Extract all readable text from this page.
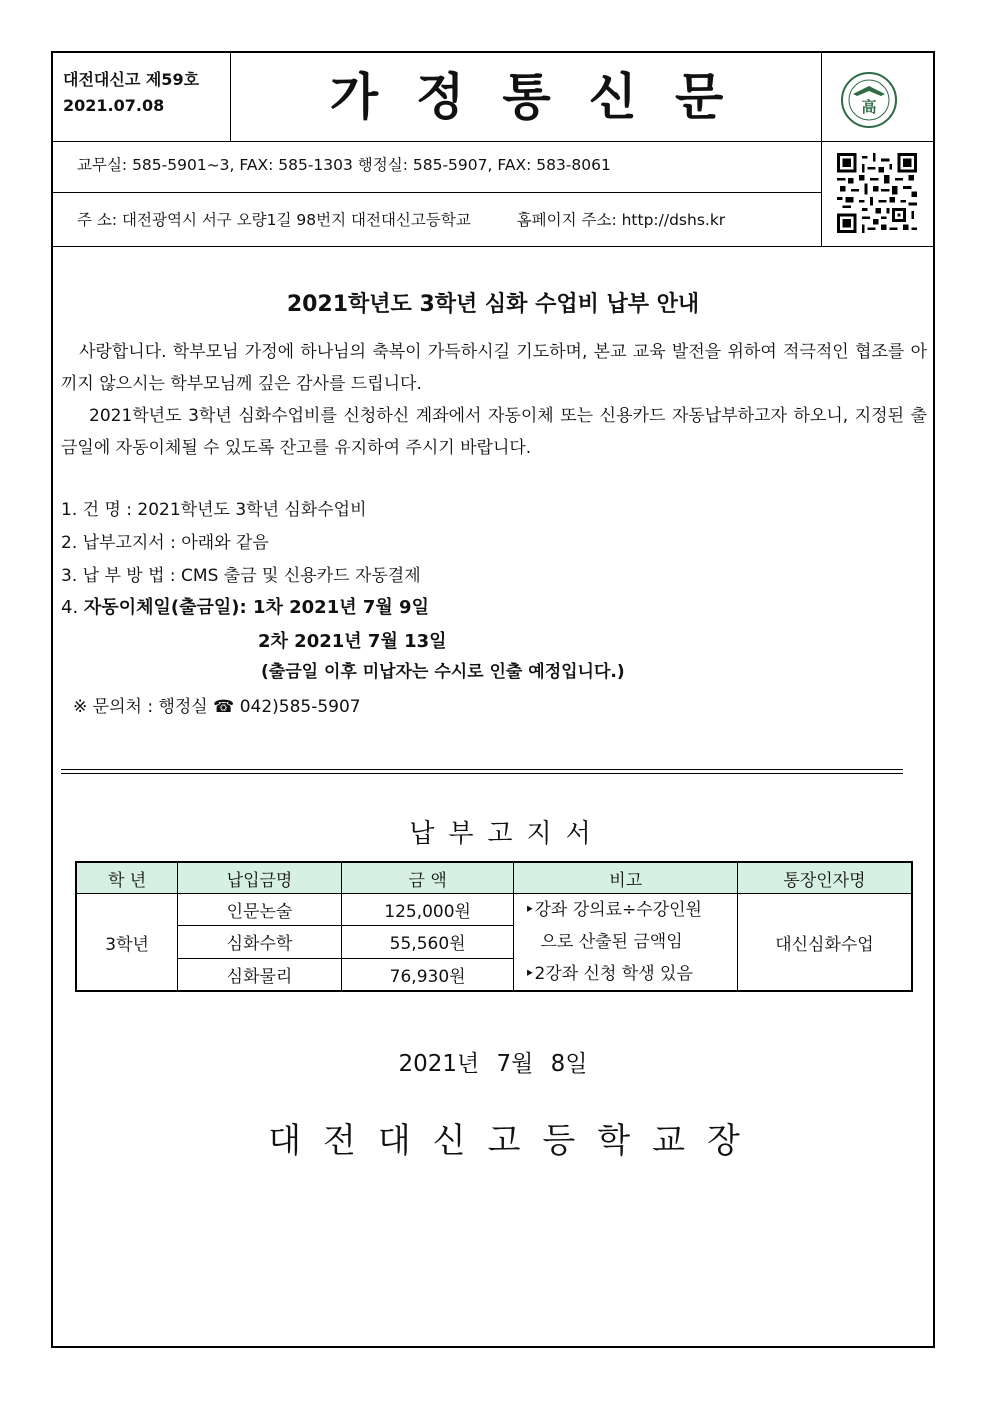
대전대신고 제59호
2021.07.08	가정통신문	高
교무실: 585-5901~3, FAX: 585-1303 행정실: 585-5907, FAX: 583-8061
주 소: 대전광역시 서구 오량1길 98번지 대전대신고등학교	홈페이지 주소: http://dshs.kr
2021학년도 3학년 심화 수업비 납부 안내
사랑합니다. 학부모님 가정에 하나님의 축복이 가득하시길 기도하며, 본교 교육 발전을 위하여 적극적인 협조를 아끼지 않으시는 학부모님께 깊은 감사를 드립니다.
2021학년도 3학년 심화수업비를 신청하신 계좌에서 자동이체 또는 신용카드 자동납부하고자 하오니, 지정된 출금일에 자동이체될 수 있도록 잔고를 유지하여 주시기 바랍니다.
1. 건 명 : 2021학년도 3학년 심화수업비
2. 납부고지서 : 아래와 같음
3. 납 부 방 법 : CMS 출금 및 신용카드 자동결제
4. 자동이체일(출금일): 1차 2021년 7월 9일
2차 2021년 7월 13일
(출금일 이후 미납자는 수시로 인출 예정입니다.)
※ 문의처 : 행정실 ☎ 042)585-5907
납부고지서
학 년	납입금명	금 액	비고	통장인자명
3학년	인문논술	125,000원	‣강좌 강의료÷수강인원
으로 산출된 금액임
‣2강좌 신청 학생 있음	대신심화수업
	심화수학	55,560원		
	심화물리	76,930원		
2021년 7월 8일
대전대신고등학교장
